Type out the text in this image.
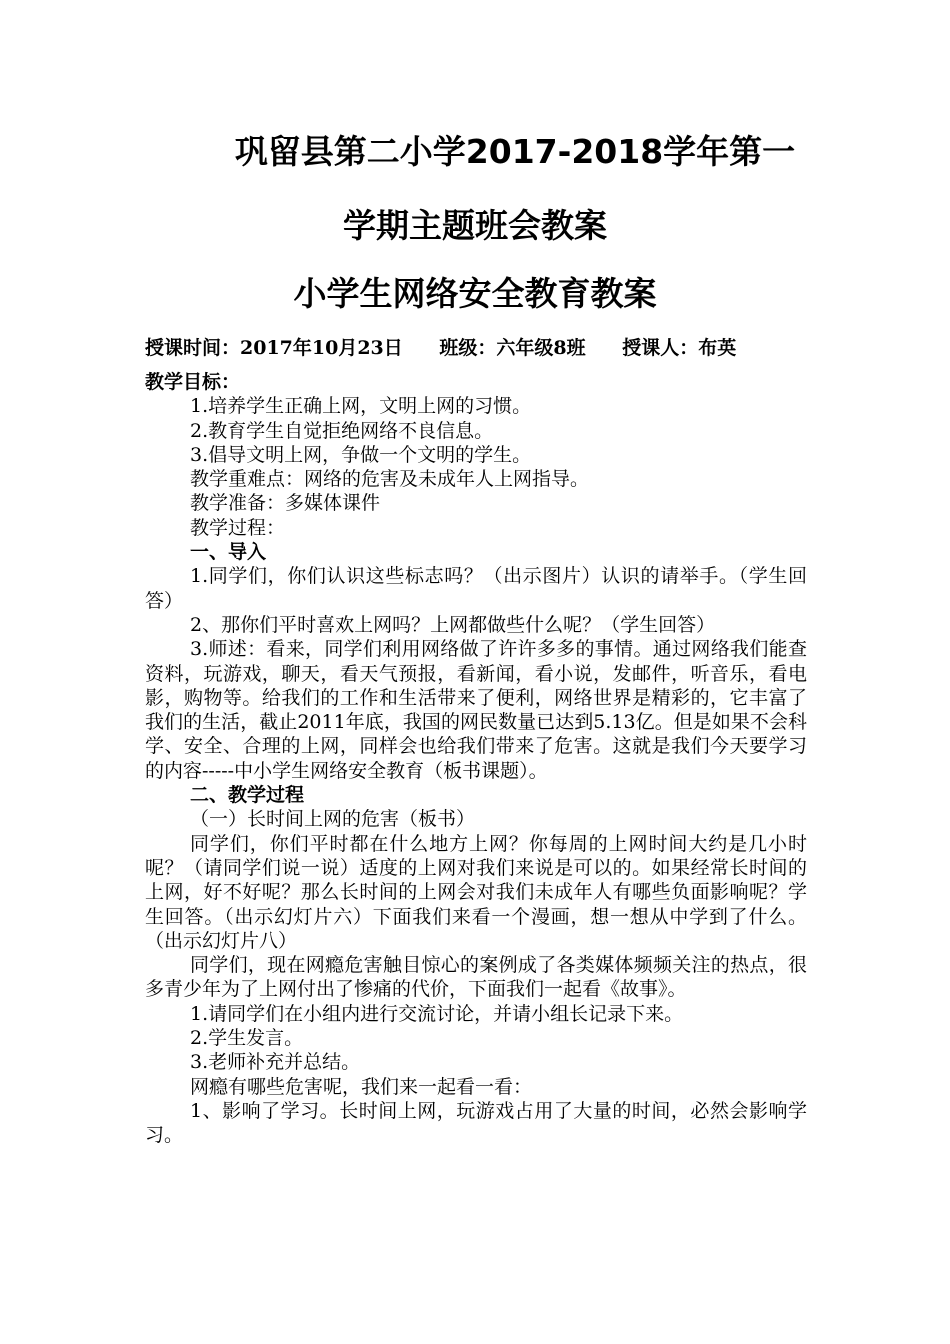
巩留县第二小学2017-2018学年第一
学期主题班会教案
小学生网络安全教育教案
授课时间：2017年10月23日 班级：六年级8班 授课人：布英

教学目标：

1.培养学生正确上网，文明上网的习惯。

2.教育学生自觉拒绝网络不良信息。

3.倡导文明上网，争做一个文明的学生。

教学重难点：网络的危害及未成年人上网指导。

教学准备：多媒体课件

教学过程：

一、导入

1.同学们，你们认识这些标志吗？（出示图片）认识的请举手。（学生回答）

2、那你们平时喜欢上网吗？上网都做些什么呢？（学生回答）

3.师述：看来，同学们利用网络做了许许多多的事情。通过网络我们能查资料，玩游戏，聊天，看天气预报，看新闻，看小说，发邮件，听音乐，看电影，购物等。给我们的工作和生活带来了便利，网络世界是精彩的，它丰富了我们的生活，截止2011年底，我国的网民数量已达到5.13亿。但是如果不会科学、安全、合理的上网，同样会也给我们带来了危害。这就是我们今天要学习的内容-----中小学生网络安全教育（板书课题）。

二、教学过程

（一）长时间上网的危害（板书）

同学们，你们平时都在什么地方上网？你每周的上网时间大约是几小时呢？（请同学们说一说）适度的上网对我们来说是可以的。如果经常长时间的上网，好不好呢？那么长时间的上网会对我们未成年人有哪些负面影响呢？学生回答。（出示幻灯片六）下面我们来看一个漫画，想一想从中学到了什么。（出示幻灯片八）

同学们，现在网瘾危害触目惊心的案例成了各类媒体频频关注的热点，很多青少年为了上网付出了惨痛的代价，下面我们一起看《故事》。

1.请同学们在小组内进行交流讨论，并请小组长记录下来。

2.学生发言。

3.老师补充并总结。

网瘾有哪些危害呢，我们来一起看一看：

1、影响了学习。长时间上网，玩游戏占用了大量的时间，必然会影响学习。
